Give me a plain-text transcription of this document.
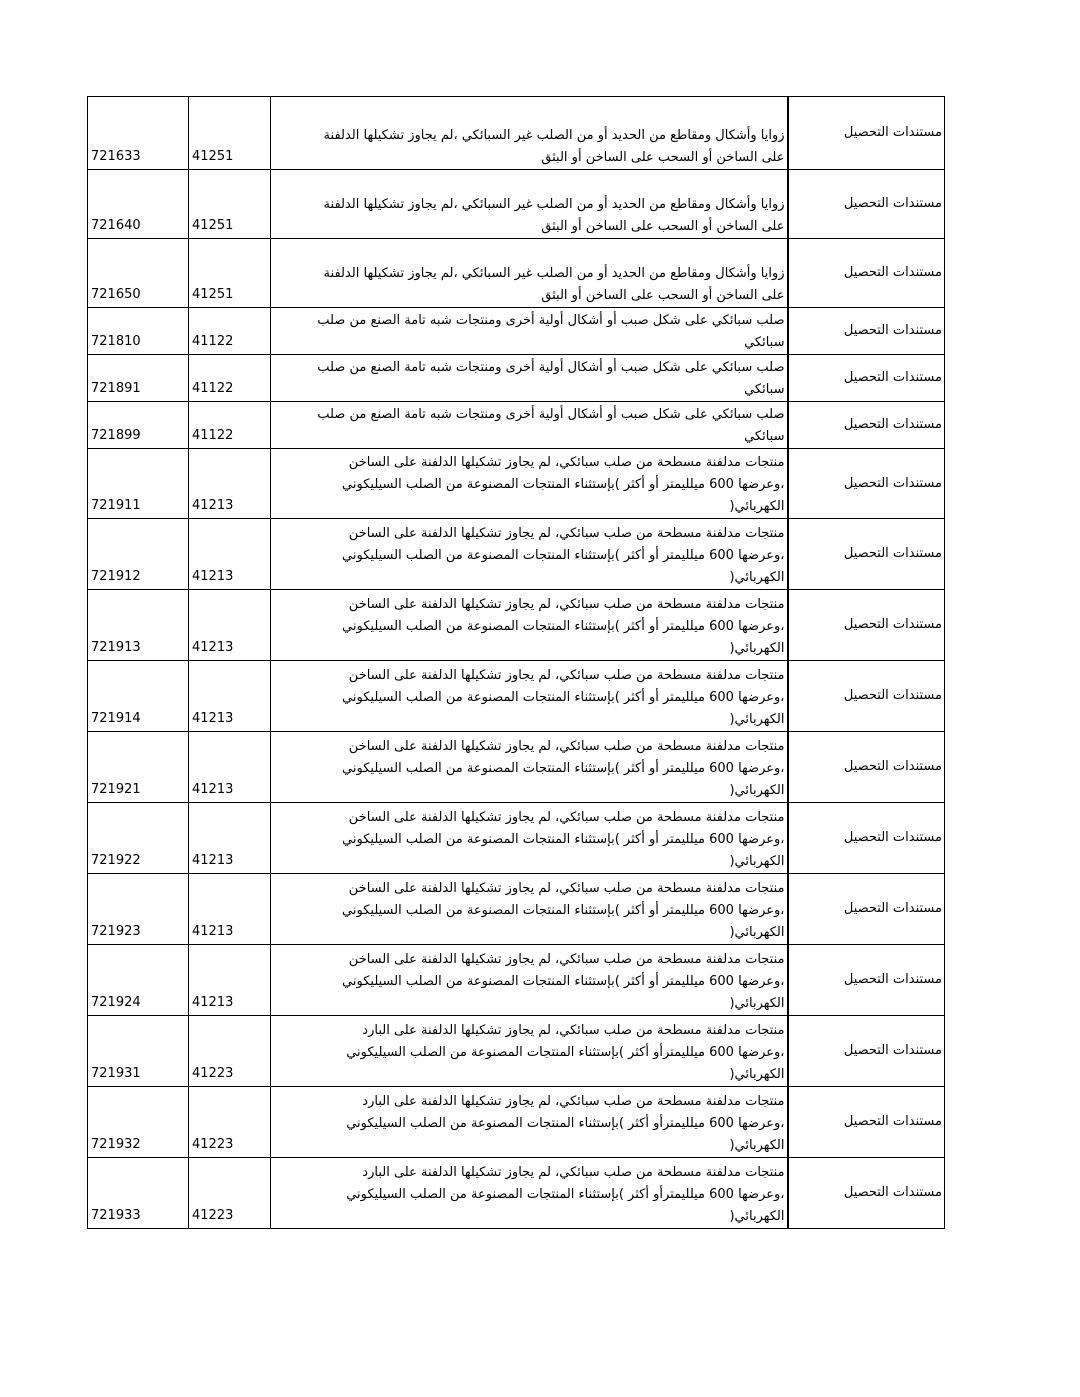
721633	41251	زوايا وأشكال ومقاطع من الحديد أو من الصلب غير السبائكي ،لم يجاوز تشكيلها الدلفنة
على الساخن أو السحب على الساخن أو البثق	مستندات التحصيل
721640	41251	زوايا وأشكال ومقاطع من الحديد أو من الصلب غير السبائكي ،لم يجاوز تشكيلها الدلفنة
على الساخن أو السحب على الساخن أو البثق	مستندات التحصيل
721650	41251	زوايا وأشكال ومقاطع من الحديد أو من الصلب غير السبائكي ،لم يجاوز تشكيلها الدلفنة
على الساخن أو السحب على الساخن أو البثق	مستندات التحصيل
721810	41122	صلب سبائكي على شكل صبب أو أشكال أولية أخرى ومنتجات شبه تامة الصنع من صلب
سبائكي	مستندات التحصيل
721891	41122	صلب سبائكي على شكل صبب أو أشكال أولية أخرى ومنتجات شبه تامة الصنع من صلب
سبائكي	مستندات التحصيل
721899	41122	صلب سبائكي على شكل صبب أو أشكال أولية أخرى ومنتجات شبه تامة الصنع من صلب
سبائكي	مستندات التحصيل
721911	41213	منتجات مدلفنة مسطحة من صلب سبائكي، لم يجاوز تشكيلها الدلفنة على الساخن
،وعرضها 600 ميلليمتر أو أكثر )بإستثناء المنتجات المصنوعة من الصلب السيليكوني
الكهربائي(	مستندات التحصيل
721912	41213	منتجات مدلفنة مسطحة من صلب سبائكي، لم يجاوز تشكيلها الدلفنة على الساخن
،وعرضها 600 ميلليمتر أو أكثر )بإستثناء المنتجات المصنوعة من الصلب السيليكوني
الكهربائي(	مستندات التحصيل
721913	41213	منتجات مدلفنة مسطحة من صلب سبائكي، لم يجاوز تشكيلها الدلفنة على الساخن
،وعرضها 600 ميلليمتر أو أكثر )بإستثناء المنتجات المصنوعة من الصلب السيليكوني
الكهربائي(	مستندات التحصيل
721914	41213	منتجات مدلفنة مسطحة من صلب سبائكي، لم يجاوز تشكيلها الدلفنة على الساخن
،وعرضها 600 ميلليمتر أو أكثر )بإستثناء المنتجات المصنوعة من الصلب السيليكوني
الكهربائي(	مستندات التحصيل
721921	41213	منتجات مدلفنة مسطحة من صلب سبائكي، لم يجاوز تشكيلها الدلفنة على الساخن
،وعرضها 600 ميلليمتر أو أكثر )بإستثناء المنتجات المصنوعة من الصلب السيليكوني
الكهربائي(	مستندات التحصيل
721922	41213	منتجات مدلفنة مسطحة من صلب سبائكي، لم يجاوز تشكيلها الدلفنة على الساخن
،وعرضها 600 ميلليمتر أو أكثر )بإستثناء المنتجات المصنوعة من الصلب السيليكوني
الكهربائي(	مستندات التحصيل
721923	41213	منتجات مدلفنة مسطحة من صلب سبائكي، لم يجاوز تشكيلها الدلفنة على الساخن
،وعرضها 600 ميلليمتر أو أكثر )بإستثناء المنتجات المصنوعة من الصلب السيليكوني
الكهربائي(	مستندات التحصيل
721924	41213	منتجات مدلفنة مسطحة من صلب سبائكي، لم يجاوز تشكيلها الدلفنة على الساخن
،وعرضها 600 ميلليمتر أو أكثر )بإستثناء المنتجات المصنوعة من الصلب السيليكوني
الكهربائي(	مستندات التحصيل
721931	41223	منتجات مدلفنة مسطحة من صلب سبائكي، لم يجاوز تشكيلها الدلفنة على البارد
،وعرضها 600 ميلليمترأو أكثر )بإستثناء المنتجات المصنوعة من الصلب السيليكوني
الكهربائي(	مستندات التحصيل
721932	41223	منتجات مدلفنة مسطحة من صلب سبائكي، لم يجاوز تشكيلها الدلفنة على البارد
،وعرضها 600 ميلليمترأو أكثر )بإستثناء المنتجات المصنوعة من الصلب السيليكوني
الكهربائي(	مستندات التحصيل
721933	41223	منتجات مدلفنة مسطحة من صلب سبائكي، لم يجاوز تشكيلها الدلفنة على البارد
،وعرضها 600 ميلليمترأو أكثر )بإستثناء المنتجات المصنوعة من الصلب السيليكوني
الكهربائي(	مستندات التحصيل
